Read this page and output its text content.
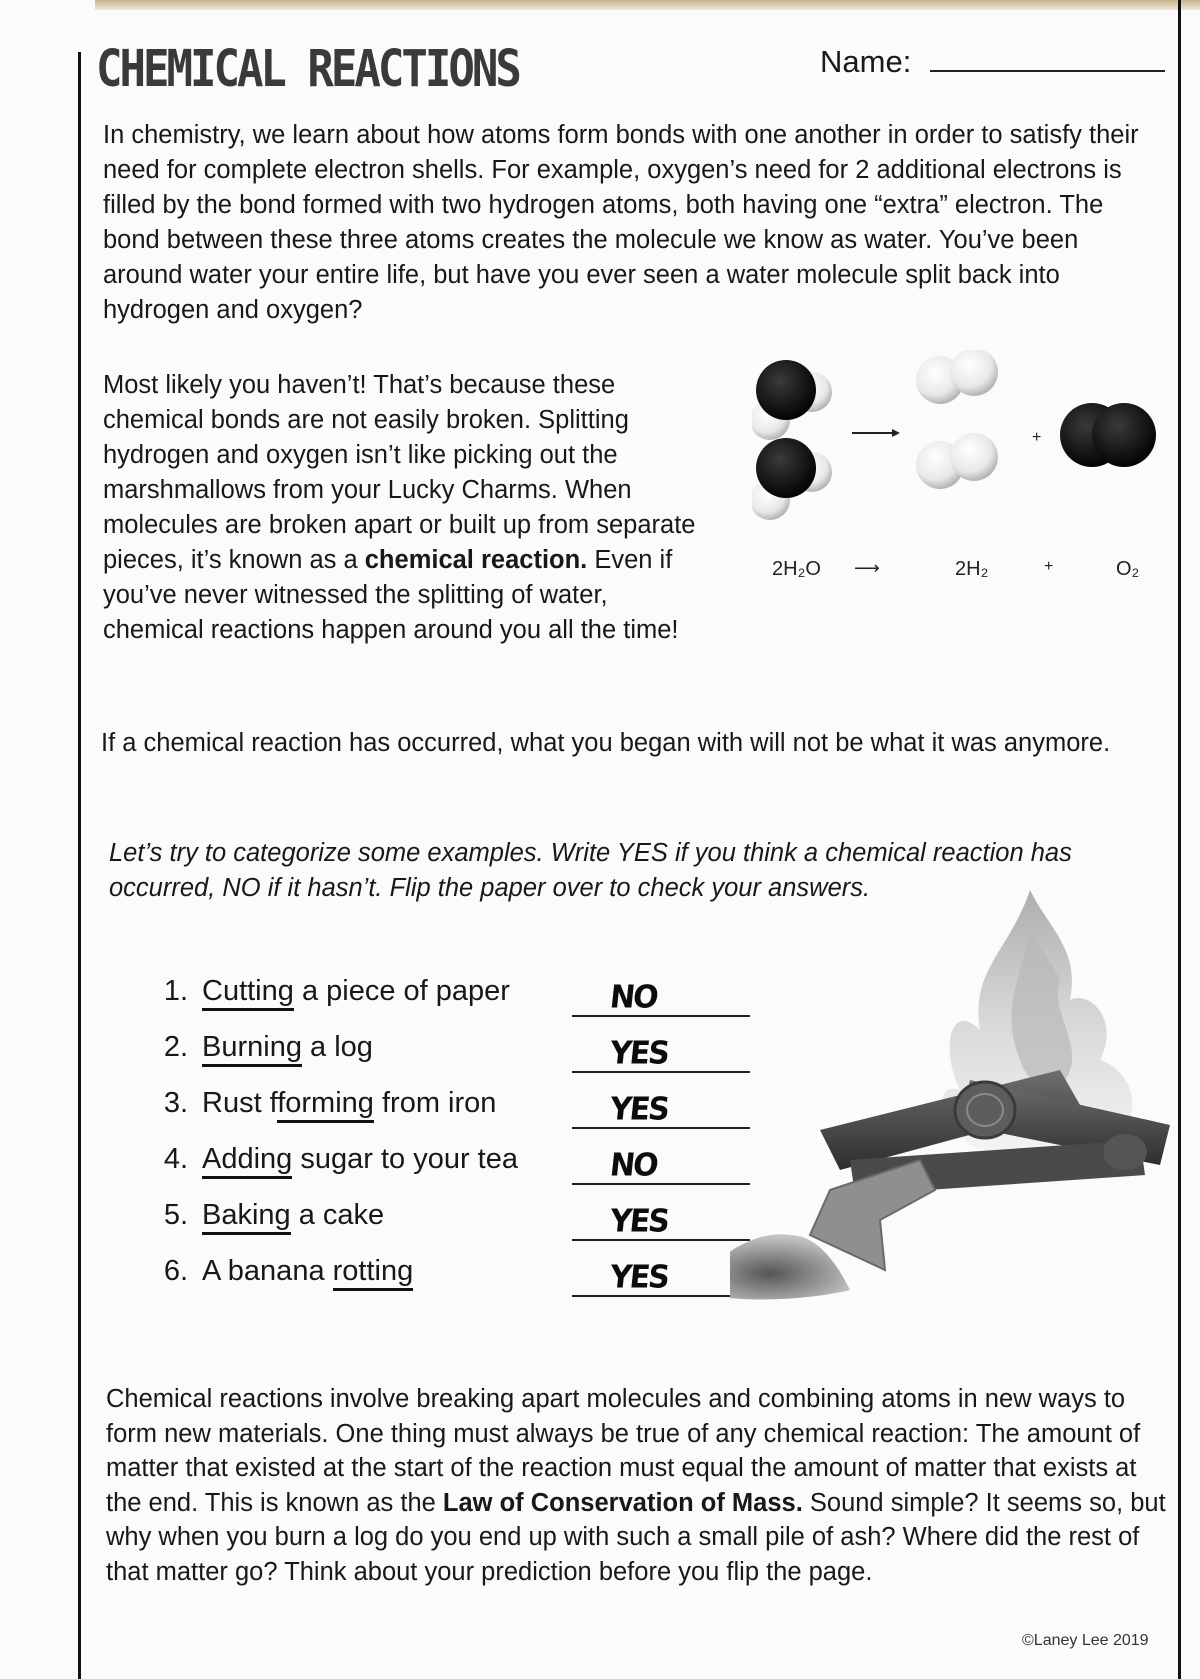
CHEMICAL REACTIONS	Name:

In chemistry, we learn about how atoms form bonds with one another in order to satisfy their need for complete electron shells. For example, oxygen’s need for 2 additional electrons is filled by the bond formed with two hydrogen atoms, both having one “extra” electron. The bond between these three atoms creates the molecule we know as water. You’ve been around water your entire life, but have you ever seen a water molecule split back into hydrogen and oxygen?

Most likely you haven’t! That’s because these chemical bonds are not easily broken. Splitting hydrogen and oxygen isn’t like picking out the marshmallows from your Lucky Charms. When molecules are broken apart or built up from separate pieces, it’s known as a chemical reaction. Even if you’ve never witnessed the splitting of water, chemical reactions happen around you all the time!

+
2H₂O ⟶	2H₂	+	O₂

If a chemical reaction has occurred, what you began with will not be what it was anymore.

Let’s try to categorize some examples. Write YES if you think a chemical reaction has occurred, NO if it hasn’t. Flip the paper over to check your answers.

1. Cutting a piece of paper	NO
2. Burning a log	YES
3. Rust fforming from iron	YES
4. Adding sugar to your tea	NO
5. Baking a cake	YES
6. A banana rotting	YES

Chemical reactions involve breaking apart molecules and combining atoms in new ways to form new materials. One thing must always be true of any chemical reaction: The amount of matter that existed at the start of the reaction must equal the amount of matter that exists at the end. This is known as the Law of Conservation of Mass. Sound simple? It seems so, but why when you burn a log do you end up with such a small pile of ash? Where did the rest of that matter go? Think about your prediction before you flip the page.

©Laney Lee 2019
